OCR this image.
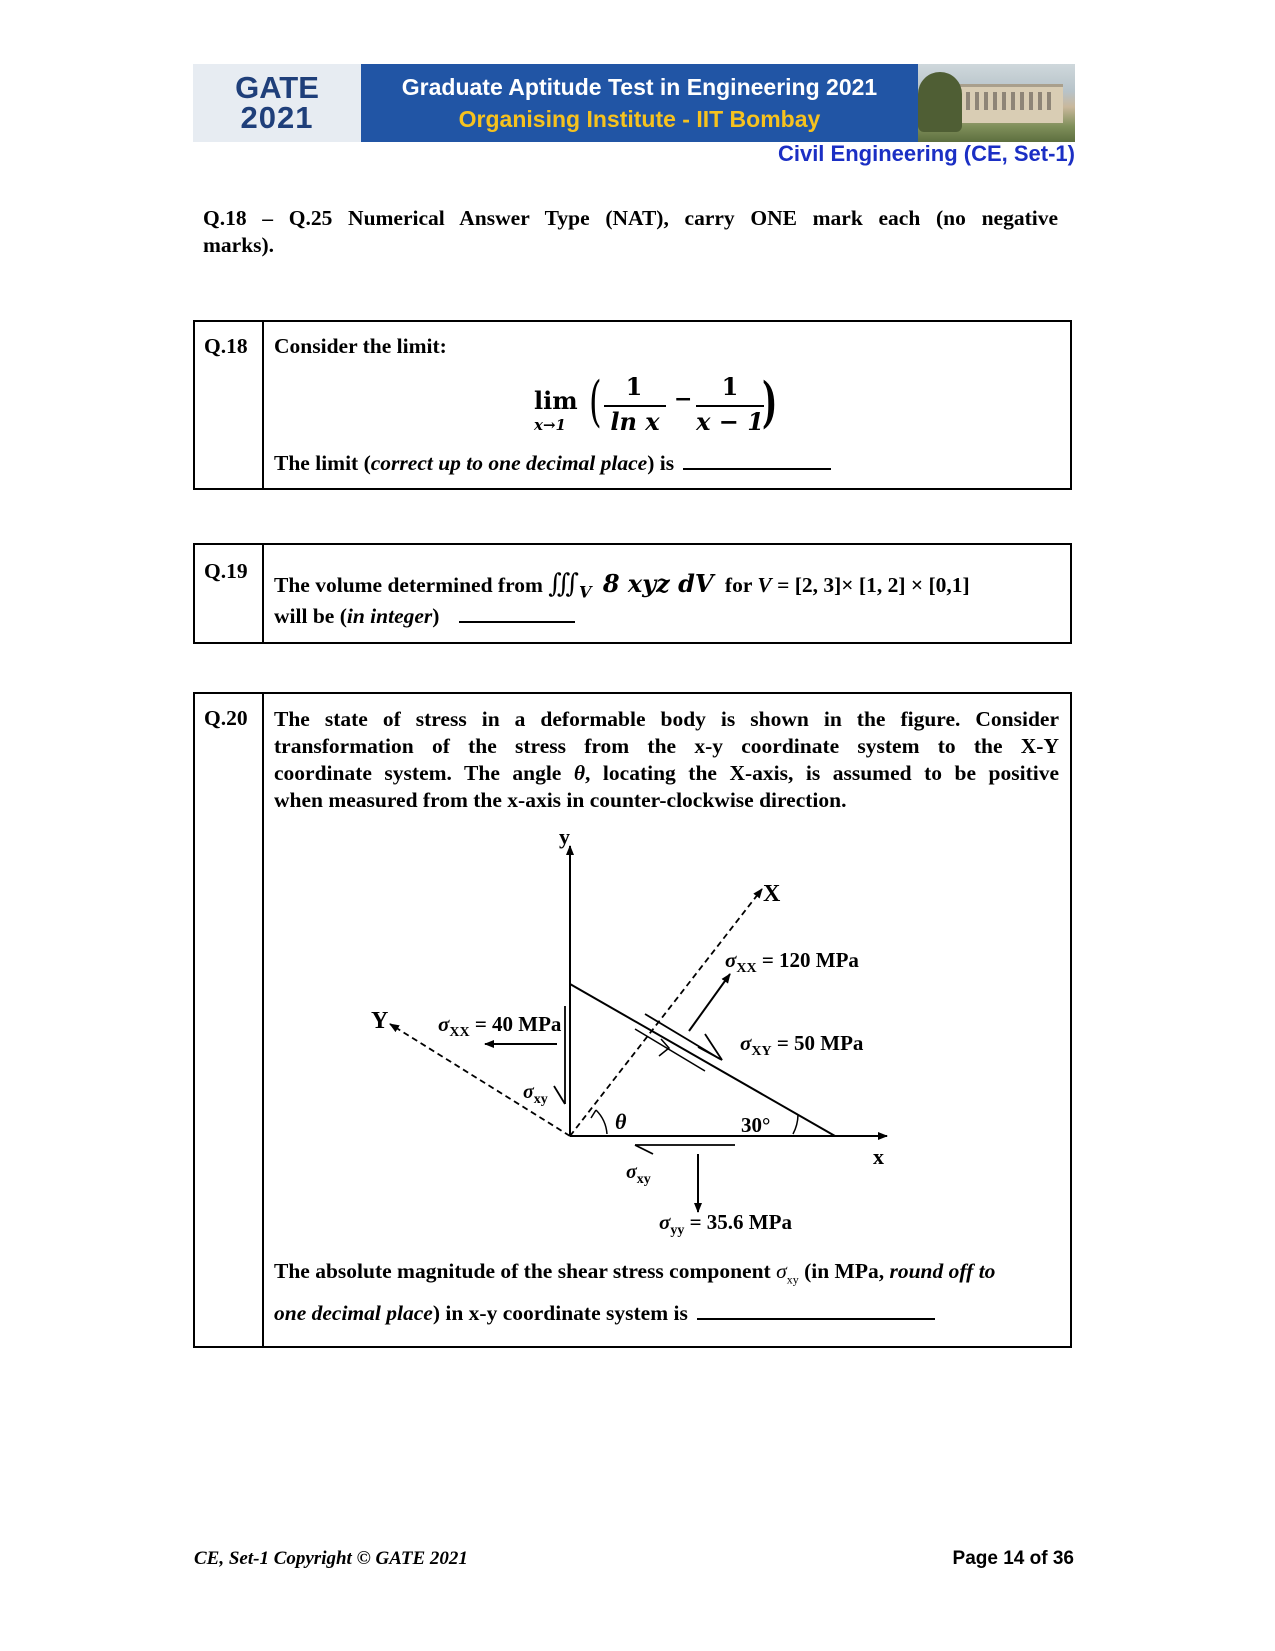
GATE
2021
Graduate Aptitude Test in Engineering 2021
Organising Institute - IIT Bombay
Civil Engineering (CE, Set-1)
Q.18 – Q.25 Numerical Answer Type (NAT), carry ONE mark each (no negative
marks).
Q.18	Consider the limit:
lim
x→1 ( 1
ln x
−	1
x − 1
)
The limit (correct up to one decimal place) is
Q.19
The volume determined from $∭_V$ 8 xyz dV for V = [2, 3]× [1, 2] × [0,1]
will be (in integer)
Q.20	The state of stress in a deformable body is shown in the figure. Consider
transformation of the stress from the x-y coordinate system to the X-Y
coordinate system. The angle θ, locating the X-axis, is assumed to be positive
when measured from the x-axis in counter-clockwise direction.
y
x
X
Y
$\sigma_{XX} = 120$ MPa
$\sigma_{XY} = 50$ MPa
$\sigma_{XX} = 40$ MPa
$\sigma_{xy}$
$\sigma_{xy}$
$\sigma_{yy} = 35.6$ MPa
θ	30°
The absolute magnitude of the shear stress component $\sigma_{xy}$ (in MPa, round off to
one decimal place) in x-y coordinate system is
CE, Set-1 Copyright © GATE 2021	Page 14 of 36
